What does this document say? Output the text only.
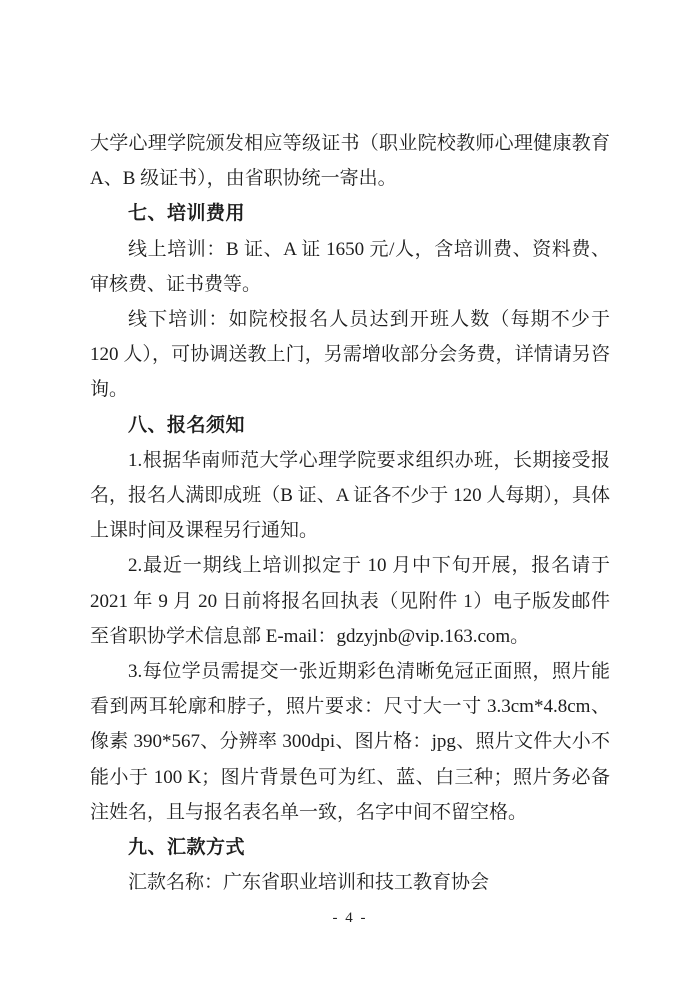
大学心理学院颁发相应等级证书（职业院校教师心理健康教育 A、B 级证书），由省职协统一寄出。

七、培训费用

线上培训：B 证、A 证 1650 元/人，含培训费、资料费、审核费、证书费等。

线下培训：如院校报名人员达到开班人数（每期不少于 120 人），可协调送教上门，另需增收部分会务费，详情请另咨询。

八、报名须知

1.根据华南师范大学心理学院要求组织办班，长期接受报名，报名人满即成班（B 证、A 证各不少于 120 人每期），具体上课时间及课程另行通知。

2.最近一期线上培训拟定于 10 月中下旬开展，报名请于 2021 年 9 月 20 日前将报名回执表（见附件 1）电子版发邮件至省职协学术信息部 E-mail：gdzyjnb@vip.163.com。

3.每位学员需提交一张近期彩色清晰免冠正面照，照片能看到两耳轮廓和脖子，照片要求：尺寸大一寸 3.3cm*4.8cm、像素 390*567、分辨率 300dpi、图片格：jpg、照片文件大小不能小于 100 K；图片背景色可为红、蓝、白三种；照片务必备注姓名，且与报名表名单一致，名字中间不留空格。

九、汇款方式

汇款名称：广东省职业培训和技工教育协会

- 4 -
